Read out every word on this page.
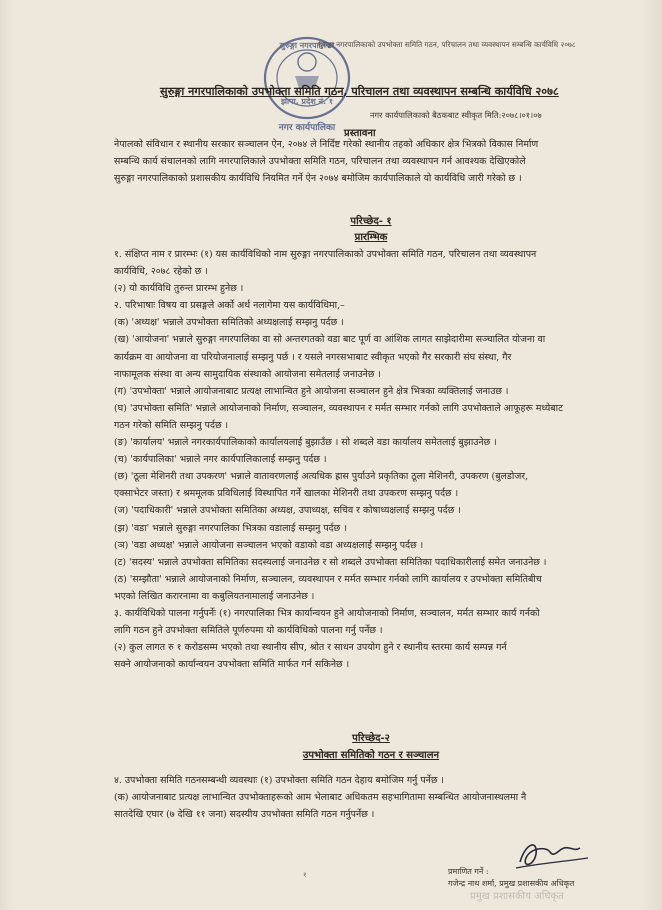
सुरुङ्गा नगरपालिकाको उपभोक्ता समिति गठन, परिचालन तथा व्यवस्थापन सम्बन्धि कार्यविधि २०७८
सुरुङ्गा नगरपालिका
झापा, प्रदेश नं. १
नगर कार्यपालिका
सुरुङ्गा नगरपालिकाको उपभोक्ता समिति गठन, परिचालन तथा व्यवस्थापन सम्बन्धि कार्यविधि २०७८
नगर कार्यपालिकाको बैठकबाट स्वीकृत मिति:२०७८।०१।०७
प्रस्तावना
नेपालको संविधान र स्थानीय सरकार सञ्चालन ऐन, २०७४ ले निर्दिष्ट गरेको स्थानीय तहको अधिकार क्षेत्र भित्रको विकास निर्माण
सम्बन्धि कार्य संचालनको लागि नगरपालिकाले उपभोक्ता समिति गठन, परिचालन तथा व्यवस्थापन गर्न आवश्यक देखिएकोले
सुरुङ्गा नगरपालिकाको प्रशासकीय कार्यविधि नियमित गर्ने ऐन २०७४ बमोजिम कार्यपालिकाले यो कार्यविधि जारी गरेको छ ।
परिच्छेद- १
प्रारम्भिक
१. संक्षिप्त नाम र प्रारम्भः (१) यस कार्यविधिको नाम सुरुङ्गा नगरपालिकाको उपभोक्ता समिति गठन, परिचालन तथा व्यवस्थापन
कार्यविधि, २०७८ रहेको छ ।
(२) यो कार्यविधि तुरुन्त प्रारम्भ हुनेछ ।
२. परिभाषाः विषय वा प्रसङ्गले अर्को अर्थ नलागेमा यस कार्यविधिमा,–
(क) 'अध्यक्ष' भन्नाले उपभोक्ता समितिको अध्यक्षलाई सम्झनु पर्दछ ।
(ख) 'आयोजना' भन्नाले सुरुङ्गा नगरपालिका वा सो अन्तरगतको वडा बाट पूर्ण वा आंशिक लागत साझेदारीमा सञ्चालित योजना वा
कार्यक्रम वा आयोजना वा परियोजनालाई सम्झनु पर्छ । र यसले नगरसभाबाट स्वीकृत भएको गैर सरकारी संघ संस्था, गैर
नाफामूलक संस्था वा अन्य सामुदायिक संस्थाको आयोजना समेतलाई जनाउनेछ ।
(ग) 'उपभोक्ता' भन्नाले आयोजनाबाट प्रत्यक्ष लाभान्वित हुने आयोजना सञ्चालन हुने क्षेत्र भित्रका व्यक्तिलाई जनाउछ ।
(घ) 'उपभोक्ता समिति' भन्नाले आयोजनाको निर्माण, सञ्चालन, व्यवस्थापन र मर्मत सम्भार गर्नको लागि उपभोक्ताले आफूहरू मध्येबाट
गठन गरेको समिति सम्झनु पर्दछ ।
(ङ) 'कार्यालय' भन्नाले नगरकार्यपालिकाको कार्यालयलाई बुझाउँछ । सो शब्दले वडा कार्यालय समेतलाई बुझाउनेछ ।
(च) 'कार्यपालिका' भन्नाले नगर कार्यपालिकालाई सम्झनु पर्दछ ।
(छ) 'ठूला मेशिनरी तथा उपकरण' भन्नाले वातावरणलाई अत्यधिक ह्रास पुर्याउने प्रकृतिका ठूला मेशिनरी, उपकरण (बुलडोजर,
एक्साभेटर जस्ता) र श्रममूलक प्रविधिलाई विस्थापित गर्ने खालका मेशिनरी तथा उपकरण सम्झनु पर्दछ ।
(ज) 'पदाधिकारी' भन्नाले उपभोक्ता समितिका अध्यक्ष, उपाध्यक्ष, सचिव र कोषाध्यक्षलाई सम्झनु पर्दछ ।
(झ) 'वडा' भन्नाले सुरुङ्गा नगरपालिका भित्रका वडालाई सम्झनु पर्दछ ।
(ञ) 'वडा अध्यक्ष' भन्नाले आयोजना सञ्चालन भएको वडाको वडा अध्यक्षलाई सम्झनु पर्दछ ।
(ट) 'सदस्य' भन्नाले उपभोक्ता समितिका सदस्यलाई जनाउनेछ र सो शब्दले उपभोक्ता समितिका पदाधिकारीलाई समेत जनाउनेछ ।
(ठ) 'सम्झौता' भन्नाले आयोजनाको निर्माण, सञ्चालन, व्यवस्थापन र मर्मत सम्भार गर्नको लागि कार्यालय र उपभोक्ता समितिबीच
भएको लिखित करारनामा वा कबुलियतनामालाई जनाउनेछ ।
३. कार्यविधिको पालना गर्नुपर्नेः (१) नगरपालिका भित्र कार्यान्वयन हुने आयोजनाको निर्माण, सञ्चालन, मर्मत सम्भार कार्य गर्नको
लागि गठन हुने उपभोक्ता समितिले पूर्णरुपमा यो कार्यविधिको पालना गर्नु पर्नेछ ।
(२) कुल लागत रु १ करोडसम्म भएको तथा स्थानीय सीप, श्रोत र साधन उपयोग हुने र स्थानीय स्तरमा कार्य सम्पन्न गर्न
सक्ने आयोजनाको कार्यान्वयन उपभोक्ता समिति मार्फत गर्न सकिनेछ ।
परिच्छेद-२
उपभोक्ता समितिको गठन र सञ्चालन
४. उपभोक्ता समिति गठनसम्बन्धी व्यवस्थाः (१) उपभोक्ता समिति गठन देहाय बमोजिम गर्नु पर्नेछ ।
(क) आयोजनाबाट प्रत्यक्ष लाभान्वित उपभोक्ताहरूको आम भेलाबाट अधिकतम सहभागितामा सम्बन्धित आयोजनास्थलमा नै
सातदेखि एघार (७ देखि ११ जना) सदस्यीय उपभोक्ता समिति गठन गर्नुपर्नेछ ।
१	प्रमाणित गर्ने :
गजेन्द्र नाथ शर्मा, प्रमुख प्रशासकीय अधिकृत
प्रमुख प्रशासकीय अधिकृत
